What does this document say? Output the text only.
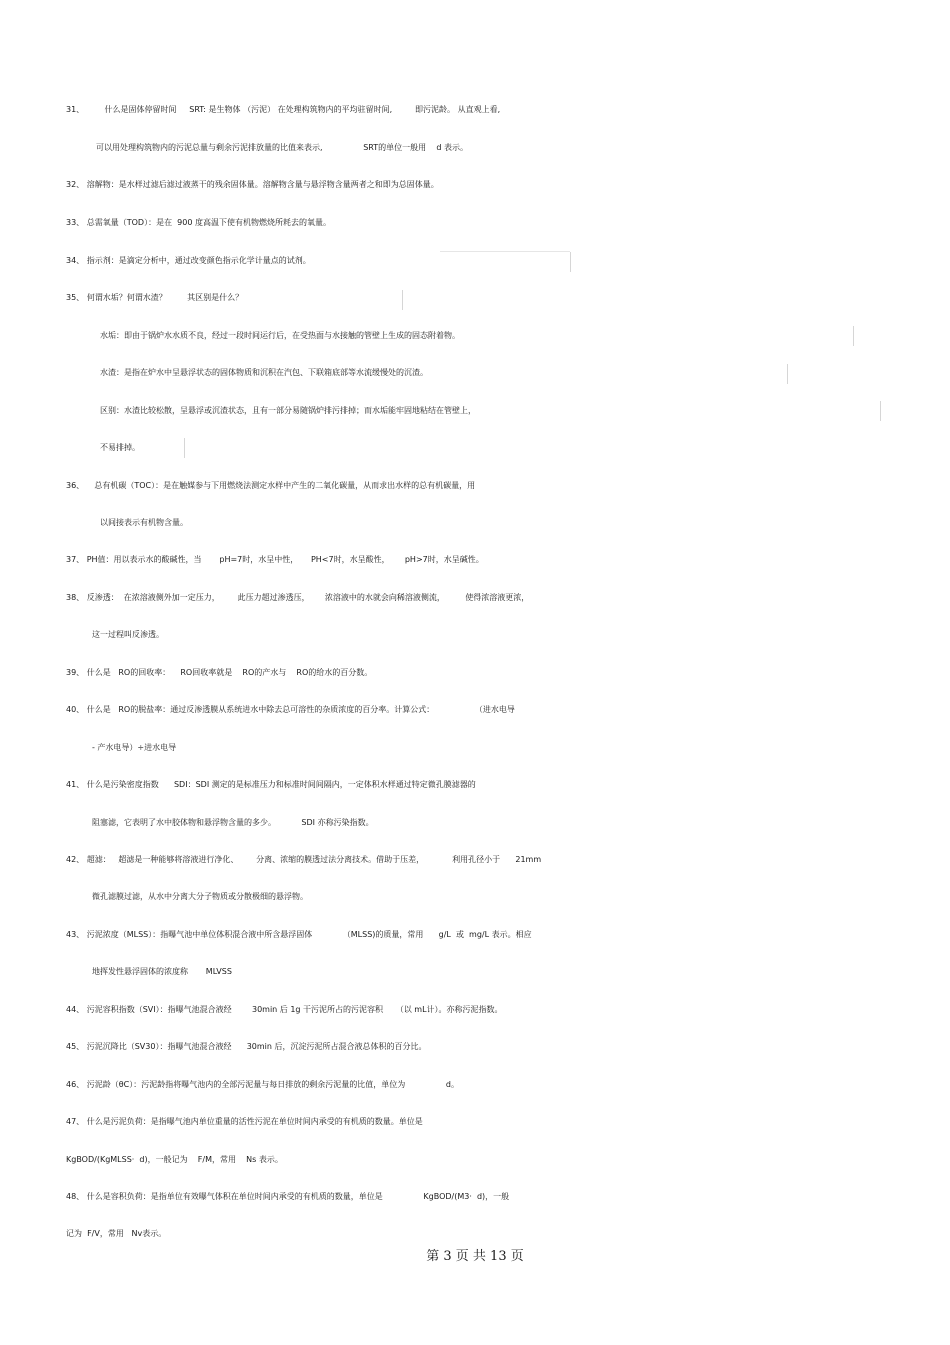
31、        什么是固体停留时间     SRT: 是生物体 （污泥） 在处理构筑物内的平均驻留时间,         即污泥龄。 从直观上看,
可以用处理构筑物内的污泥总量与剩余污泥排放量的比值来表示,                SRT的单位一般用    d 表示。
32、 溶解物：是水样过滤后滤过液蒸干的残余固体量。溶解物含量与悬浮物含量两者之和即为总固体量。
33、 总需氧量（TOD）：是在  900 度高温下使有机物燃烧所耗去的氧量。
34、 指示剂：是滴定分析中，通过改变颜色指示化学计量点的试剂。
35、 何谓水垢？何谓水渣？        其区别是什么？
水垢：即由于锅炉水水质不良，经过一段时间运行后，在受热面与水接触的管壁上生成的固态附着物。
水渣：是指在炉水中呈悬浮状态的固体物质和沉积在汽包、下联箱底部等水流缓慢处的沉渣。
区别：水渣比较松散，呈悬浮或沉渣状态，且有一部分易随锅炉排污排掉；而水垢能牢固地粘结在管壁上，
不易排掉。
36、    总有机碳（TOC）：是在触媒参与下用燃烧法测定水样中产生的二氧化碳量，从而求出水样的总有机碳量，用
以间接表示有机物含量。
37、 PH值：用以表示水的酸碱性，当       pH=7时，水呈中性，     PH<7时，水呈酸性，      pH>7时，水呈碱性。
38、 反渗透：  在浓溶液侧外加一定压力，       此压力超过渗透压，      浓溶液中的水就会向稀溶液侧流，        使得浓溶液更浓，
这一过程叫反渗透。
39、 什么是   RO的回收率：    RO回收率就是    RO的产水与    RO的给水的百分数。
40、 什么是   RO的脱盐率：通过反渗透膜从系统进水中除去总可溶性的杂质浓度的百分率。计算公式：                （进水电导
- 产水电导）÷进水电导
41、 什么是污染密度指数      SDI：SDI 测定的是标准压力和标准时间间隔内，一定体积水样通过特定微孔膜滤器的
阻塞滤，它表明了水中胶体物和悬浮物含量的多少。          SDI 亦称污染指数。
42、 超滤：   超滤是一种能够将溶液进行净化、       分离、浓缩的膜透过法分离技术。借助于压差，           利用孔径小于      21mm
微孔滤膜过滤，从水中分离大分子物质或分散极细的悬浮物。
43、 污泥浓度（MLSS）：指曝气池中单位体积混合液中所含悬浮固体            （MLSS)的质量，常用      g/L  或  mg/L 表示。相应
地挥发性悬浮固体的浓度称       MLVSS
44、 污泥容积指数（SVI）：指曝气池混合液经        30min 后 1g 干污泥所占的污泥容积     （以 mL计）。亦称污泥指数。
45、 污泥沉降比（SV30）：指曝气池混合液经      30min 后，沉淀污泥所占混合液总体积的百分比。
46、 污泥龄（θC）：污泥龄指将曝气池内的全部污泥量与每日排放的剩余污泥量的比值，单位为                d。
47、 什么是污泥负荷：是指曝气池内单位重量的活性污泥在单位时间内承受的有机质的数量。单位是
KgBOD/(KgMLSS·  d)，一般记为    F/M，常用    Ns 表示。
48、 什么是容积负荷：是指单位有效曝气体积在单位时间内承受的有机质的数量，单位是                KgBOD/(M3·  d)，一般
记为  F/V，常用   Nv表示。
第 3 页 共 13 页
